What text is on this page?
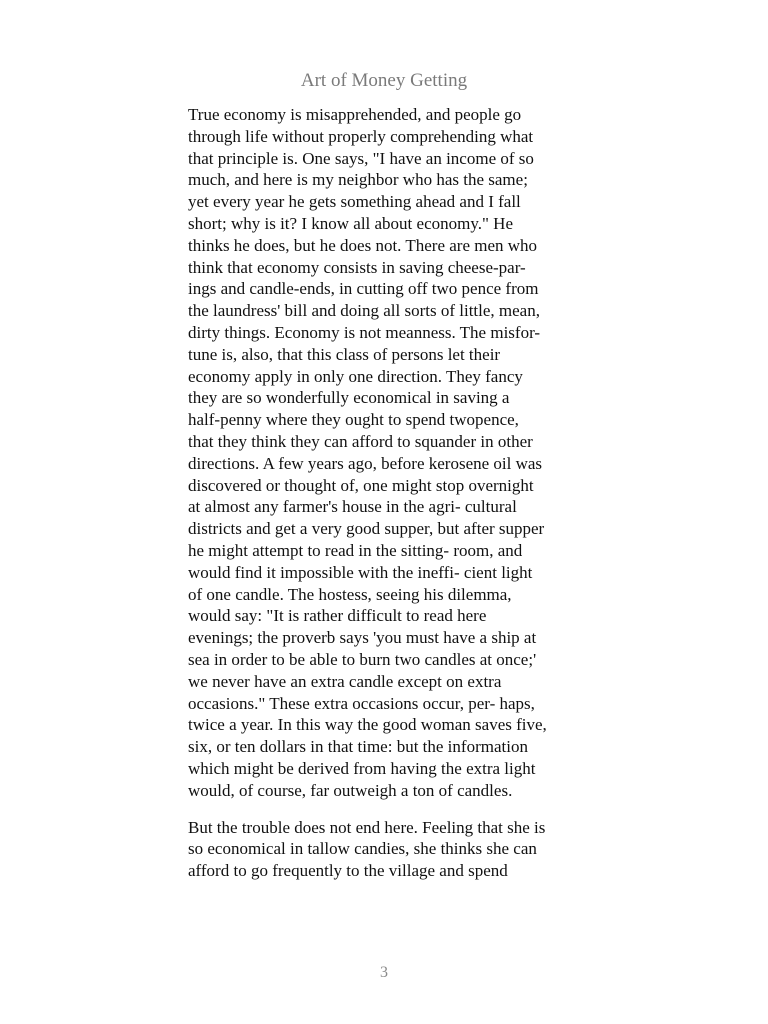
Art of Money Getting
True economy is misapprehended, and people go
through life without properly comprehending what
that principle is. One says, "I have an income of so
much, and here is my neighbor who has the same;
yet every year he gets something ahead and I fall
short; why is it? I know all about economy." He
thinks he does, but he does not. There are men who
think that economy consists in saving cheese-par-
ings and candle-ends, in cutting off two pence from
the laundress' bill and doing all sorts of little, mean,
dirty things. Economy is not meanness. The misfor-
tune is, also, that this class of persons let their
economy apply in only one direction. They fancy
they are so wonderfully economical in saving a
half-penny where they ought to spend twopence,
that they think they can afford to squander in other
directions. A few years ago, before kerosene oil was
discovered or thought of, one might stop overnight
at almost any farmer's house in the agri- cultural
districts and get a very good supper, but after supper
he might attempt to read in the sitting- room, and
would find it impossible with the ineffi- cient light
of one candle. The hostess, seeing his dilemma,
would say: "It is rather difficult to read here
evenings; the proverb says 'you must have a ship at
sea in order to be able to burn two candles at once;'
we never have an extra candle except on extra
occasions." These extra occasions occur, per- haps,
twice a year. In this way the good woman saves five,
six, or ten dollars in that time: but the information
which might be derived from having the extra light
would, of course, far outweigh a ton of candles.
But the trouble does not end here. Feeling that she is
so economical in tallow candies, she thinks she can
afford to go frequently to the village and spend
3
